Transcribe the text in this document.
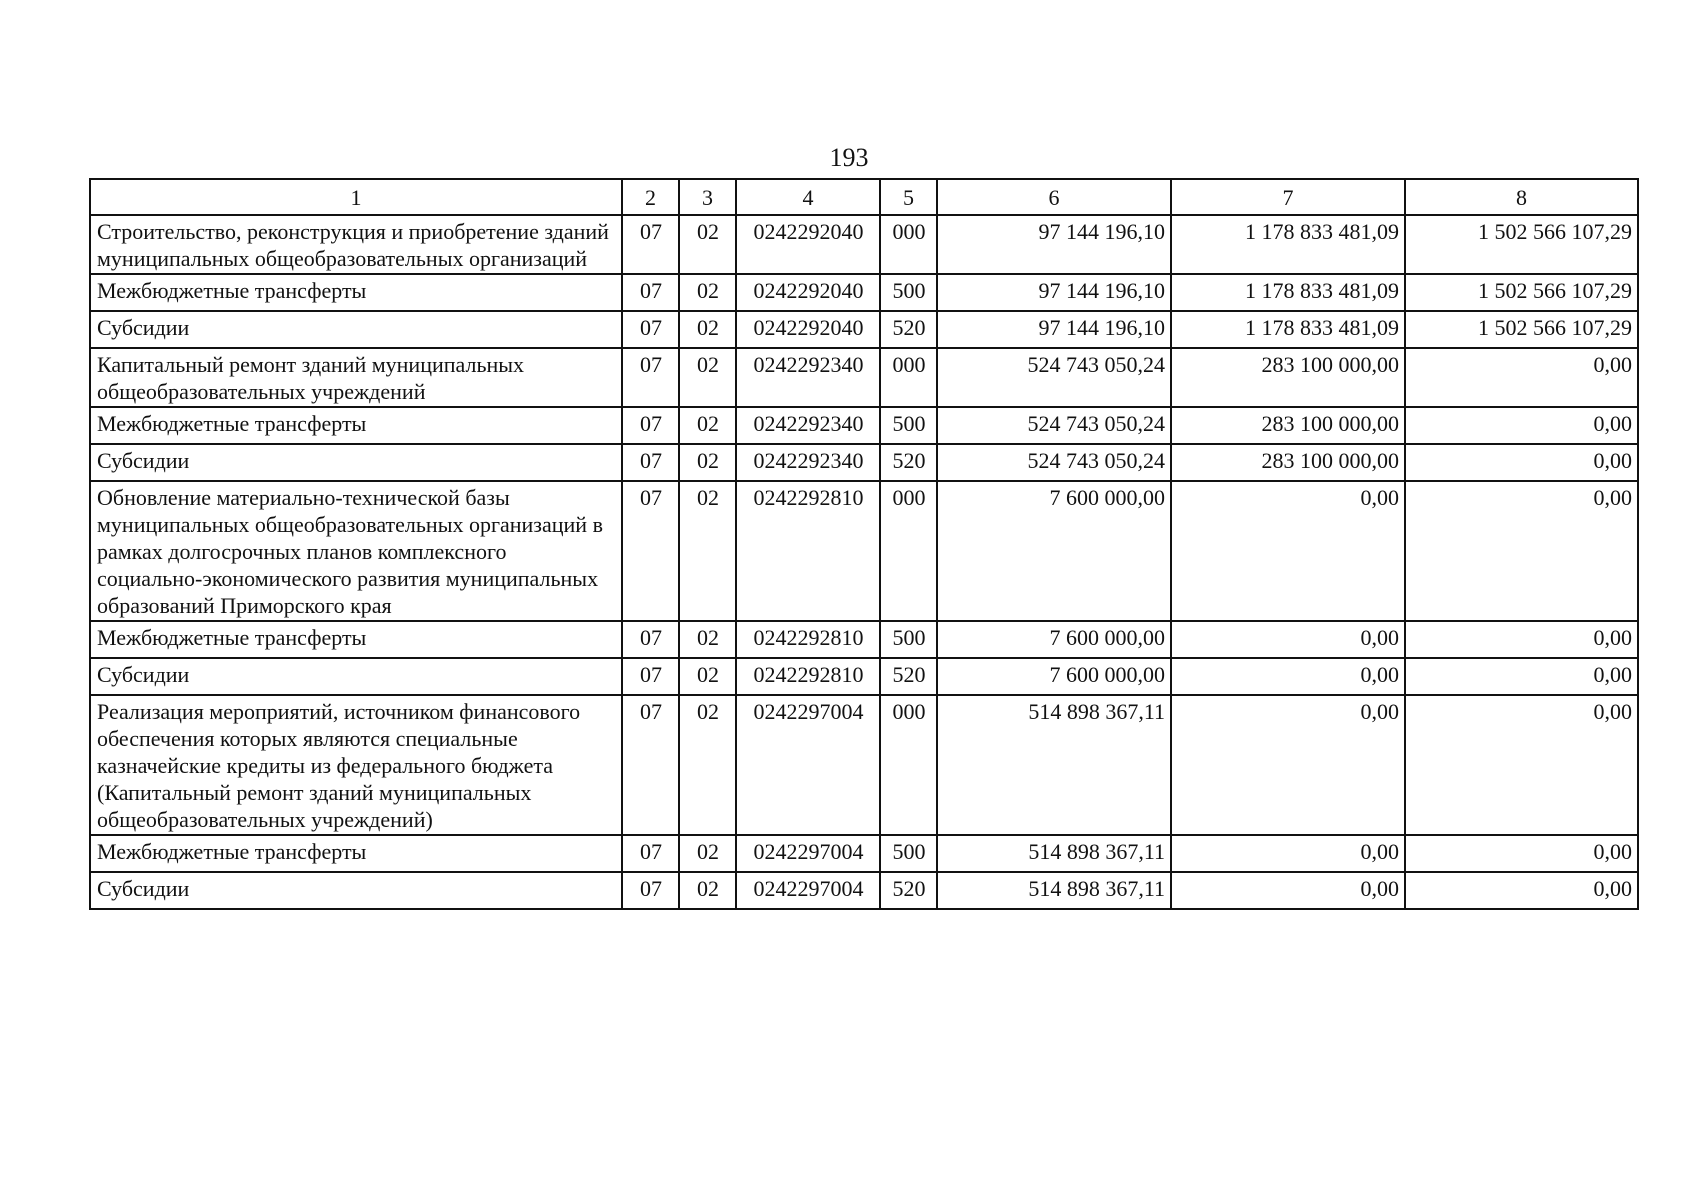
193
1	2	3	4	5	6	7	8
Строительство, реконструкция и приобретение зданий муниципальных общеобразовательных организаций	07	02	0242292040	000	97 144 196,10	1 178 833 481,09	1 502 566 107,29
Межбюджетные трансферты	07	02	0242292040	500	97 144 196,10	1 178 833 481,09	1 502 566 107,29
Субсидии	07	02	0242292040	520	97 144 196,10	1 178 833 481,09	1 502 566 107,29
Капитальный ремонт зданий муниципальных общеобразовательных учреждений	07	02	0242292340	000	524 743 050,24	283 100 000,00	0,00
Межбюджетные трансферты	07	02	0242292340	500	524 743 050,24	283 100 000,00	0,00
Субсидии	07	02	0242292340	520	524 743 050,24	283 100 000,00	0,00
Обновление материально-технической базы муниципальных общеобразовательных организаций в рамках долгосрочных планов комплексного социально-экономического развития муниципальных образований Приморского края	07	02	0242292810	000	7 600 000,00	0,00	0,00
Межбюджетные трансферты	07	02	0242292810	500	7 600 000,00	0,00	0,00
Субсидии	07	02	0242292810	520	7 600 000,00	0,00	0,00
Реализация мероприятий, источником финансового обеспечения которых являются специальные казначейские кредиты из федерального бюджета (Капитальный ремонт зданий муниципальных общеобразовательных учреждений)	07	02	0242297004	000	514 898 367,11	0,00	0,00
Межбюджетные трансферты	07	02	0242297004	500	514 898 367,11	0,00	0,00
Субсидии	07	02	0242297004	520	514 898 367,11	0,00	0,00
